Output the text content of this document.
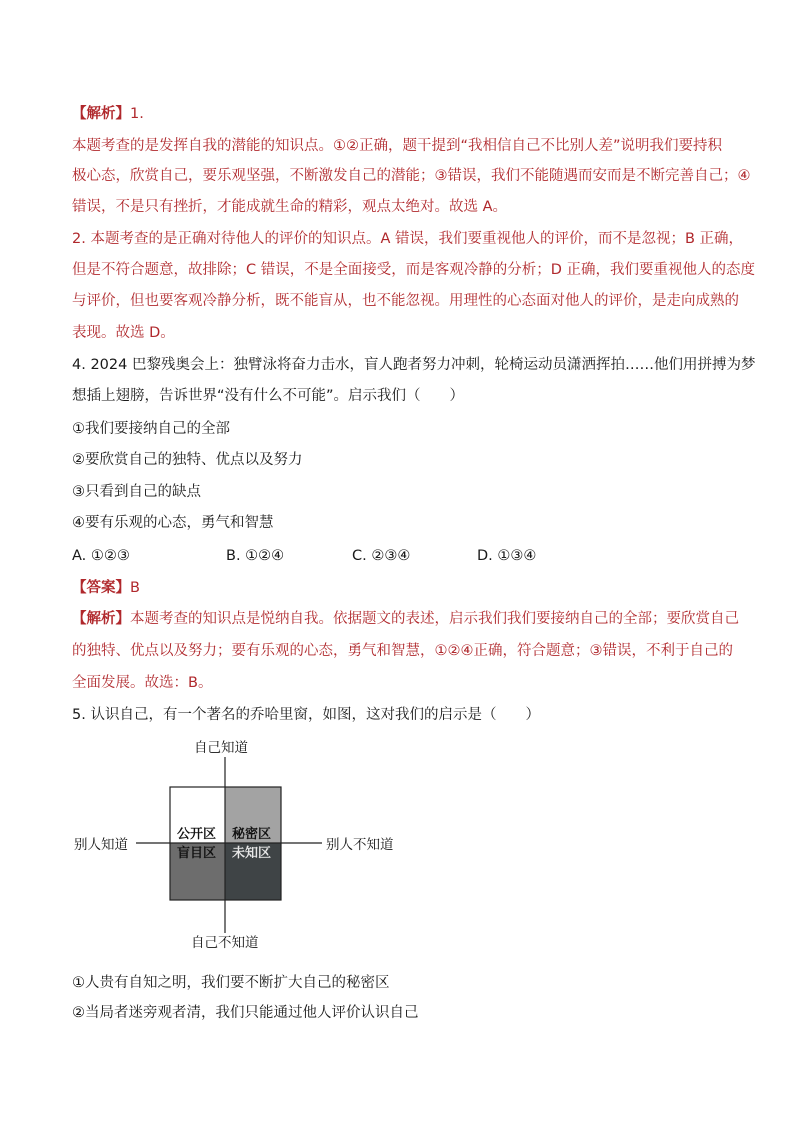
【解析】1.

本题考查的是发挥自我的潜能的知识点。①②正确，题干提到“我相信自己不比别人差”说明我们要持积

极心态，欣赏自己，要乐观坚强，不断激发自己的潜能；③错误，我们不能随遇而安而是不断完善自己；④

错误，不是只有挫折，才能成就生命的精彩，观点太绝对。故选 A。

2. 本题考查的是正确对待他人的评价的知识点。A 错误，我们要重视他人的评价，而不是忽视；B 正确，

但是不符合题意，故排除；C 错误，不是全面接受，而是客观冷静的分析；D 正确，我们要重视他人的态度

与评价，但也要客观冷静分析，既不能盲从，也不能忽视。用理性的心态面对他人的评价，是走向成熟的

表现。故选 D。

4. 2024 巴黎残奥会上：独臂泳将奋力击水，盲人跑者努力冲刺，轮椅运动员潇洒挥拍……他们用拼搏为梦

想插上翅膀，告诉世界“没有什么不可能”。启示我们（　　）

①我们要接纳自己的全部

②要欣赏自己的独特、优点以及努力

③只看到自己的缺点

④要有乐观的心态，勇气和智慧

A. ①②③	B. ①②④	C. ②③④	D. ①③④

【答案】B

【解析】本题考查的知识点是悦纳自我。依据题文的表述，启示我们我们要接纳自己的全部；要欣赏自己

的独特、优点以及努力；要有乐观的心态，勇气和智慧，①②④正确，符合题意；③错误，不利于自己的

全面发展。故选：B。

5. 认识自己，有一个著名的乔哈里窗，如图，这对我们的启示是（　　）

自己知道
自己不知道
别人知道	别人不知道
公开区 秘密区
盲目区 未知区

①人贵有自知之明，我们要不断扩大自己的秘密区

②当局者迷旁观者清，我们只能通过他人评价认识自己
